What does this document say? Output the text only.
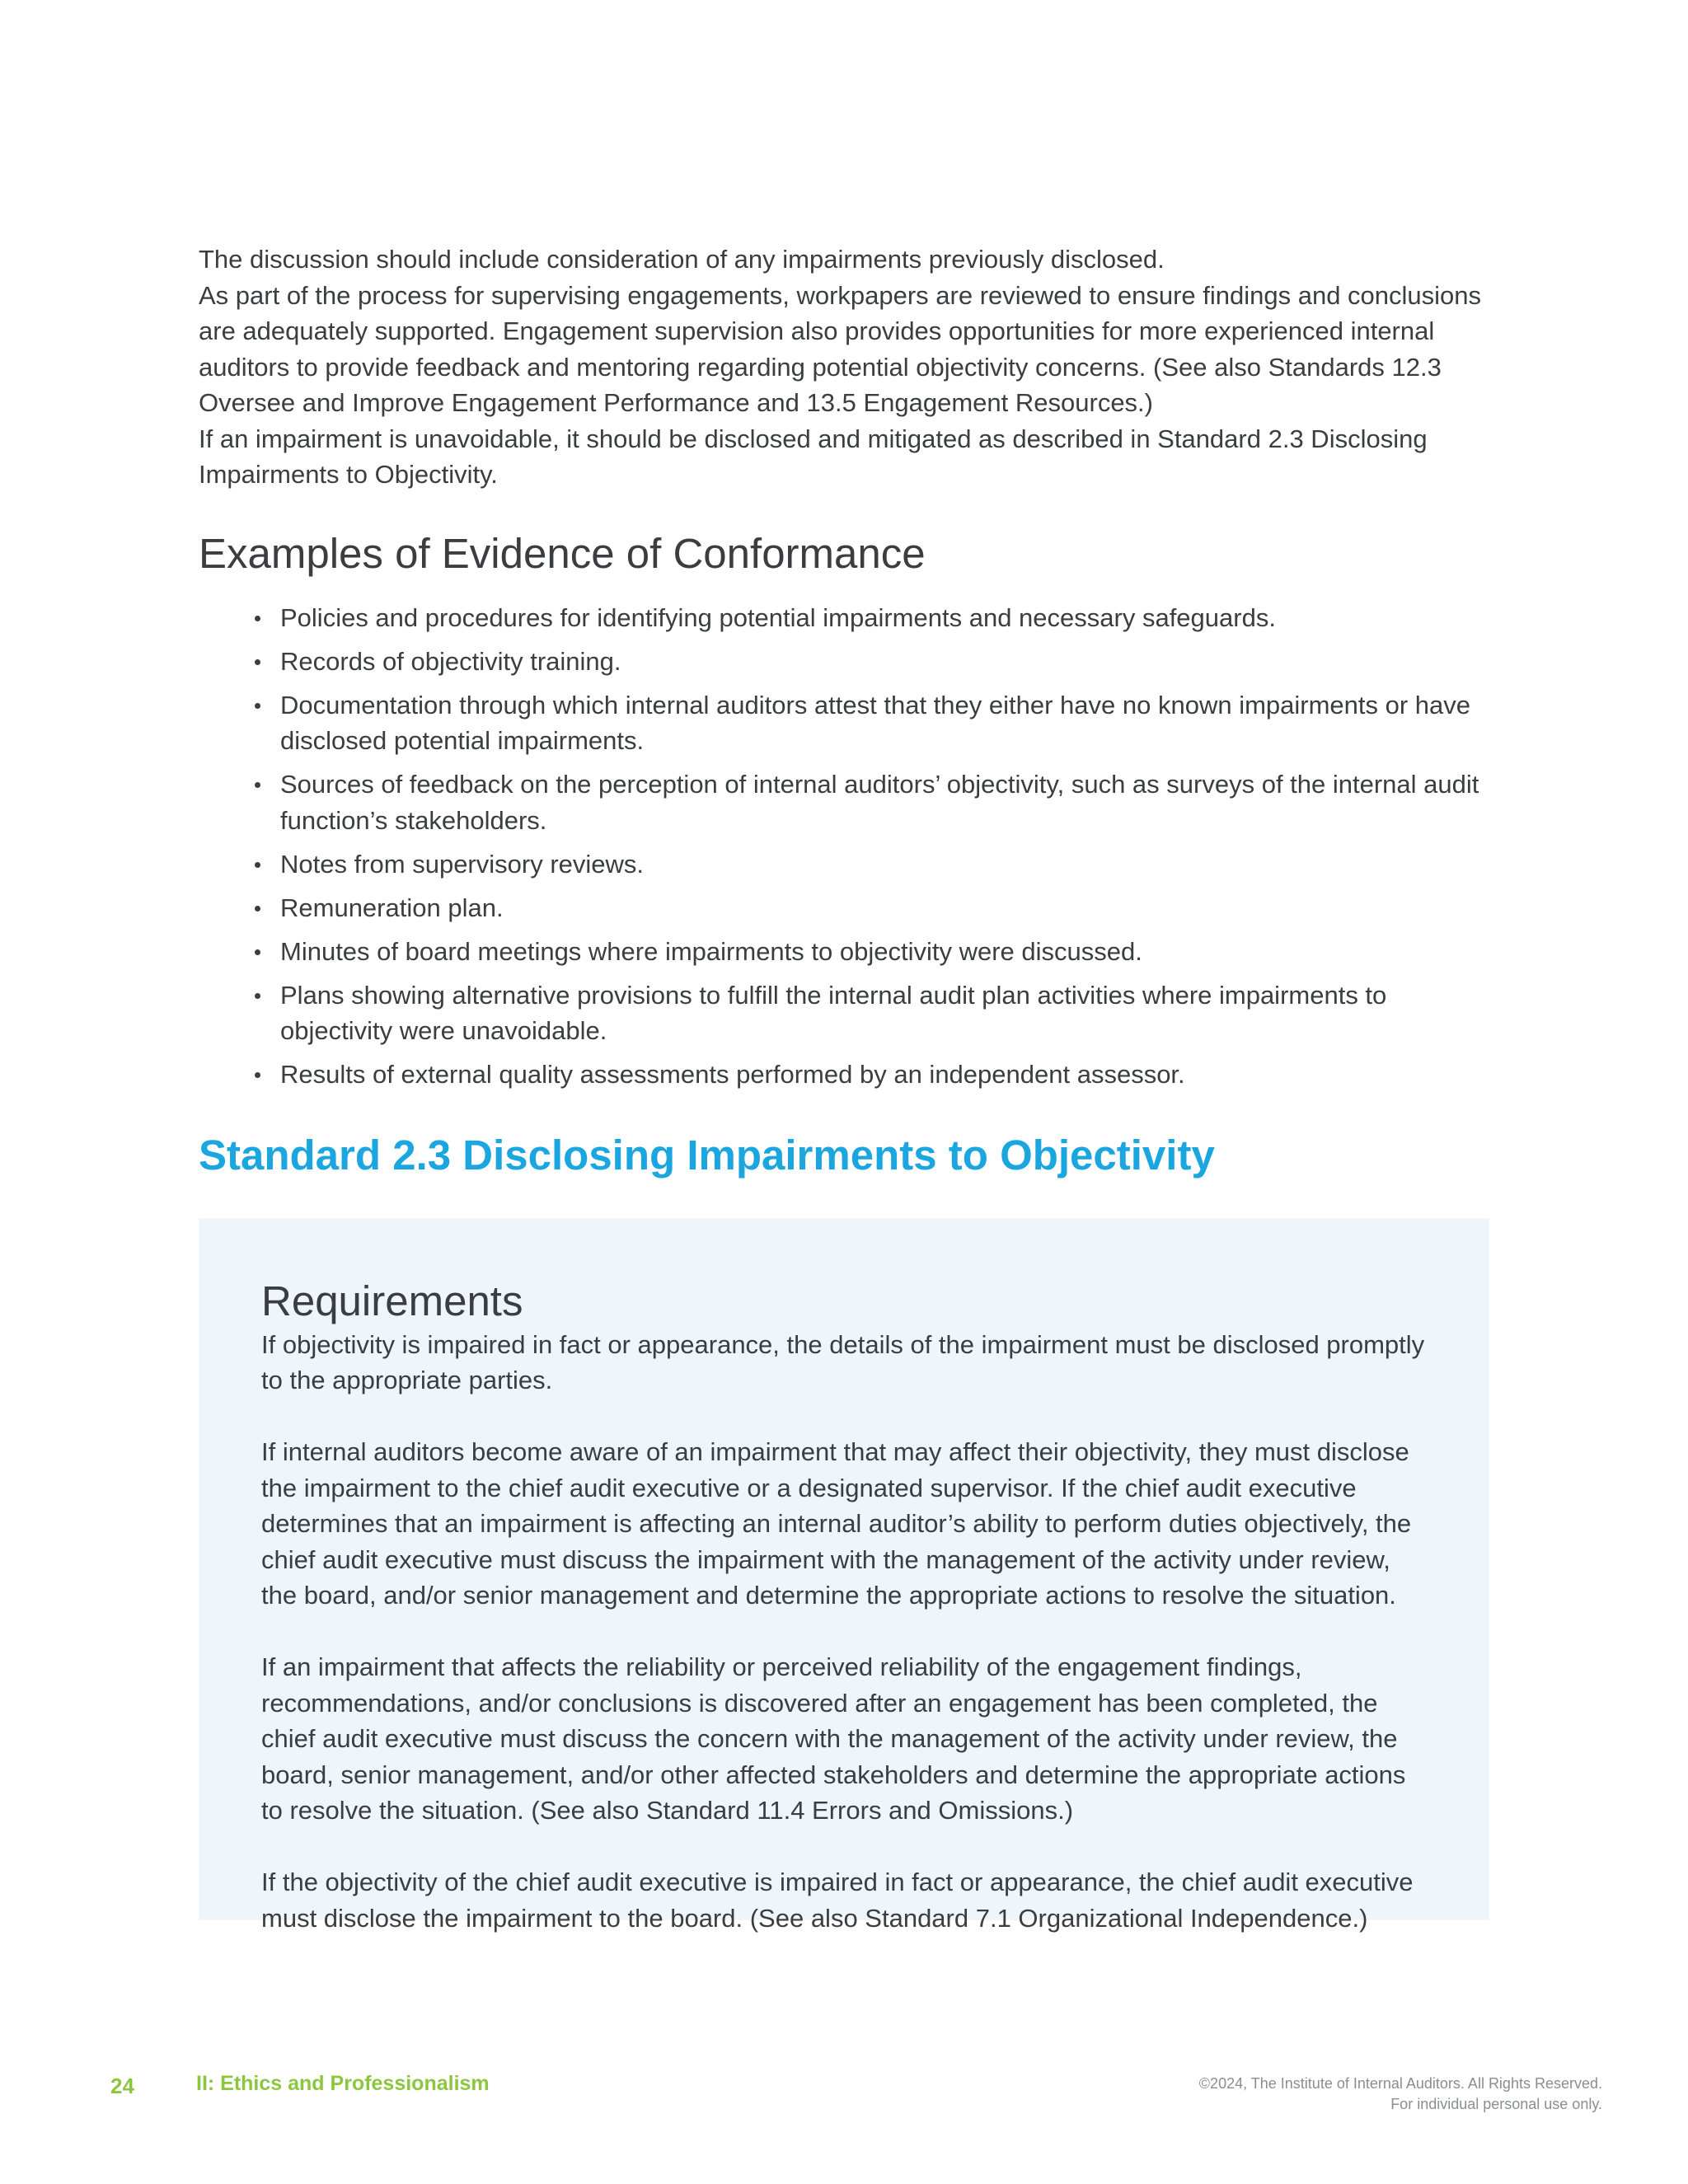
The discussion should include consideration of any impairments previously disclosed.

As part of the process for supervising engagements, workpapers are reviewed to ensure findings and conclusions are adequately supported. Engagement supervision also provides opportunities for more experienced internal auditors to provide feedback and mentoring regarding potential objectivity concerns. (See also Standards 12.3 Oversee and Improve Engagement Performance and 13.5 Engagement Resources.)

If an impairment is unavoidable, it should be disclosed and mitigated as described in Standard 2.3 Disclosing Impairments to Objectivity.

Examples of Evidence of Conformance
Policies and procedures for identifying potential impairments and necessary safeguards.
Records of objectivity training.
Documentation through which internal auditors attest that they either have no known impairments or have disclosed potential impairments.
Sources of feedback on the perception of internal auditors’ objectivity, such as surveys of the internal audit function’s stakeholders.
Notes from supervisory reviews.
Remuneration plan.
Minutes of board meetings where impairments to objectivity were discussed.
Plans showing alternative provisions to fulfill the internal audit plan activities where impairments to objectivity were unavoidable.
Results of external quality assessments performed by an independent assessor.
Standard 2.3 Disclosing Impairments to Objectivity
Requirements

If objectivity is impaired in fact or appearance, the details of the impairment must be disclosed promptly to the appropriate parties.

If internal auditors become aware of an impairment that may affect their objectivity, they must disclose the impairment to the chief audit executive or a designated supervisor. If the chief audit executive determines that an impairment is affecting an internal auditor’s ability to perform duties objectively, the chief audit executive must discuss the impairment with the management of the activity under review, the board, and/or senior management and determine the appropriate actions to resolve the situation.

If an impairment that affects the reliability or perceived reliability of the engagement findings, recommendations, and/or conclusions is discovered after an engagement has been completed, the chief audit executive must discuss the concern with the management of the activity under review, the board, senior management, and/or other affected stakeholders and determine the appropriate actions to resolve the situation. (See also Standard 11.4 Errors and Omissions.)

If the objectivity of the chief audit executive is impaired in fact or appearance, the chief audit executive must disclose the impairment to the board. (See also Standard 7.1 Organizational Independence.)

24	II: Ethics and Professionalism	©2024, The Institute of Internal Auditors. All Rights Reserved.
For individual personal use only.
